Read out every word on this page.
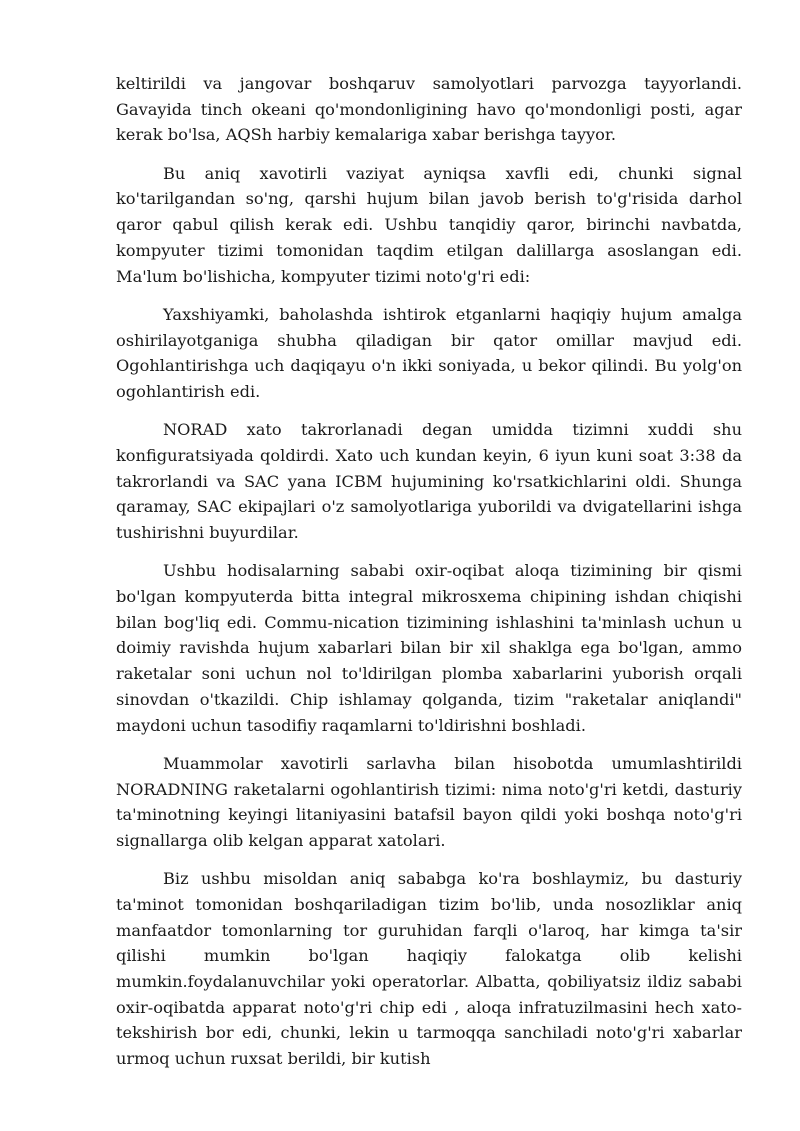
keltirildi va jangovar boshqaruv samolyotlari parvozga tayyorlandi. Gavayida tinch okeani qo'mondonligining havo qo'mondonligi posti, agar kerak bo'lsa, AQSh harbiy kemalariga xabar berishga tayyor.

Bu aniq xavotirli vaziyat ayniqsa xavfli edi, chunki signal ko'tarilgandan so'ng, qarshi hujum bilan javob berish to'g'risida darhol qaror qabul qilish kerak edi. Ushbu tanqidiy qaror, birinchi navbatda, kompyuter tizimi tomonidan taqdim etilgan dalillarga asoslangan edi. Ma'lum bo'lishicha, kompyuter tizimi noto'g'ri edi:

Yaxshiyamki, baholashda ishtirok etganlarni haqiqiy hujum amalga oshirilayotganiga shubha qiladigan bir qator omillar mavjud edi. Ogohlantirishga uch daqiqayu o'n ikki soniyada, u bekor qilindi. Bu yolg'on ogohlantirish edi.

NORAD xato takrorlanadi degan umidda tizimni xuddi shu konfiguratsiyada qoldirdi. Xato uch kundan keyin, 6 iyun kuni soat 3:38 da takrorlandi va SAC yana ICBM hujumining ko'rsatkichlarini oldi. Shunga qaramay, SAC ekipajlari o'z samolyotlariga yuborildi va dvigatellarini ishga tushirishni buyurdilar.

Ushbu hodisalarning sababi oxir-oqibat aloqa tizimining bir qismi bo'lgan kompyuterda bitta integral mikrosxema chipining ishdan chiqishi bilan bog'liq edi. Commu-nication tizimining ishlashini ta'minlash uchun u doimiy ravishda hujum xabarlari bilan bir xil shaklga ega bo'lgan, ammo raketalar soni uchun nol to'ldirilgan plomba xabarlarini yuborish orqali sinovdan o'tkazildi. Chip ishlamay qolganda, tizim "raketalar aniqlandi" maydoni uchun tasodifiy raqamlarni to'ldirishni boshladi.

Muammolar xavotirli sarlavha bilan hisobotda umumlashtirildi NORADNING raketalarni ogohlantirish tizimi: nima noto'g'ri ketdi, dasturiy ta'minotning keyingi litaniyasini batafsil bayon qildi yoki boshqa noto'g'ri signallarga olib kelgan apparat xatolari.

Biz ushbu misoldan aniq sababga ko'ra boshlaymiz, bu dasturiy ta'minot tomonidan boshqariladigan tizim bo'lib, unda nosozliklar aniq manfaatdor tomonlarning tor guruhidan farqli o'laroq, har kimga ta'sir qilishi mumkin bo'lgan haqiqiy falokatga olib kelishi mumkin.foydalanuvchilar yoki operatorlar. Albatta, qobiliyatsiz ildiz sababi oxir-oqibatda apparat noto'g'ri chip edi , aloqa infratuzilmasini hech xato-tekshirish bor edi, chunki, lekin u tarmoqqa sanchiladi noto'g'ri xabarlar urmoq uchun ruxsat berildi, bir kutish
